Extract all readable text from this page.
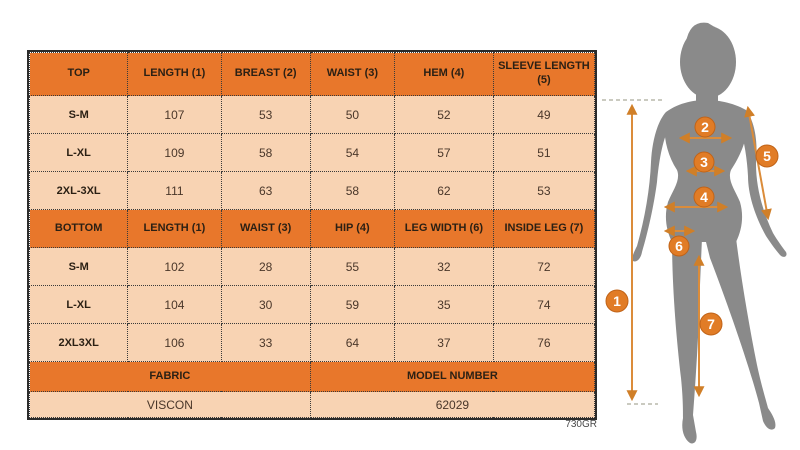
TOP	LENGTH (1)	BREAST (2)	WAIST (3)	HEM (4)	SLEEVE LENGTH (5)
S-M	107	53	50	52	49
L-XL	109	58	54	57	51
2XL-3XL	111	63	58	62	53
BOTTOM	LENGTH (1)	WAIST (3)	HIP (4)	LEG WIDTH (6)	INSIDE LEG (7)
S-M	102	28	55	32	72
L-XL	104	30	59	35	74
2XL3XL	106	33	64	37	76
FABRIC			MODEL NUMBER		
VISCON			62029		
730GR
1
2
3
4
5
6
7
